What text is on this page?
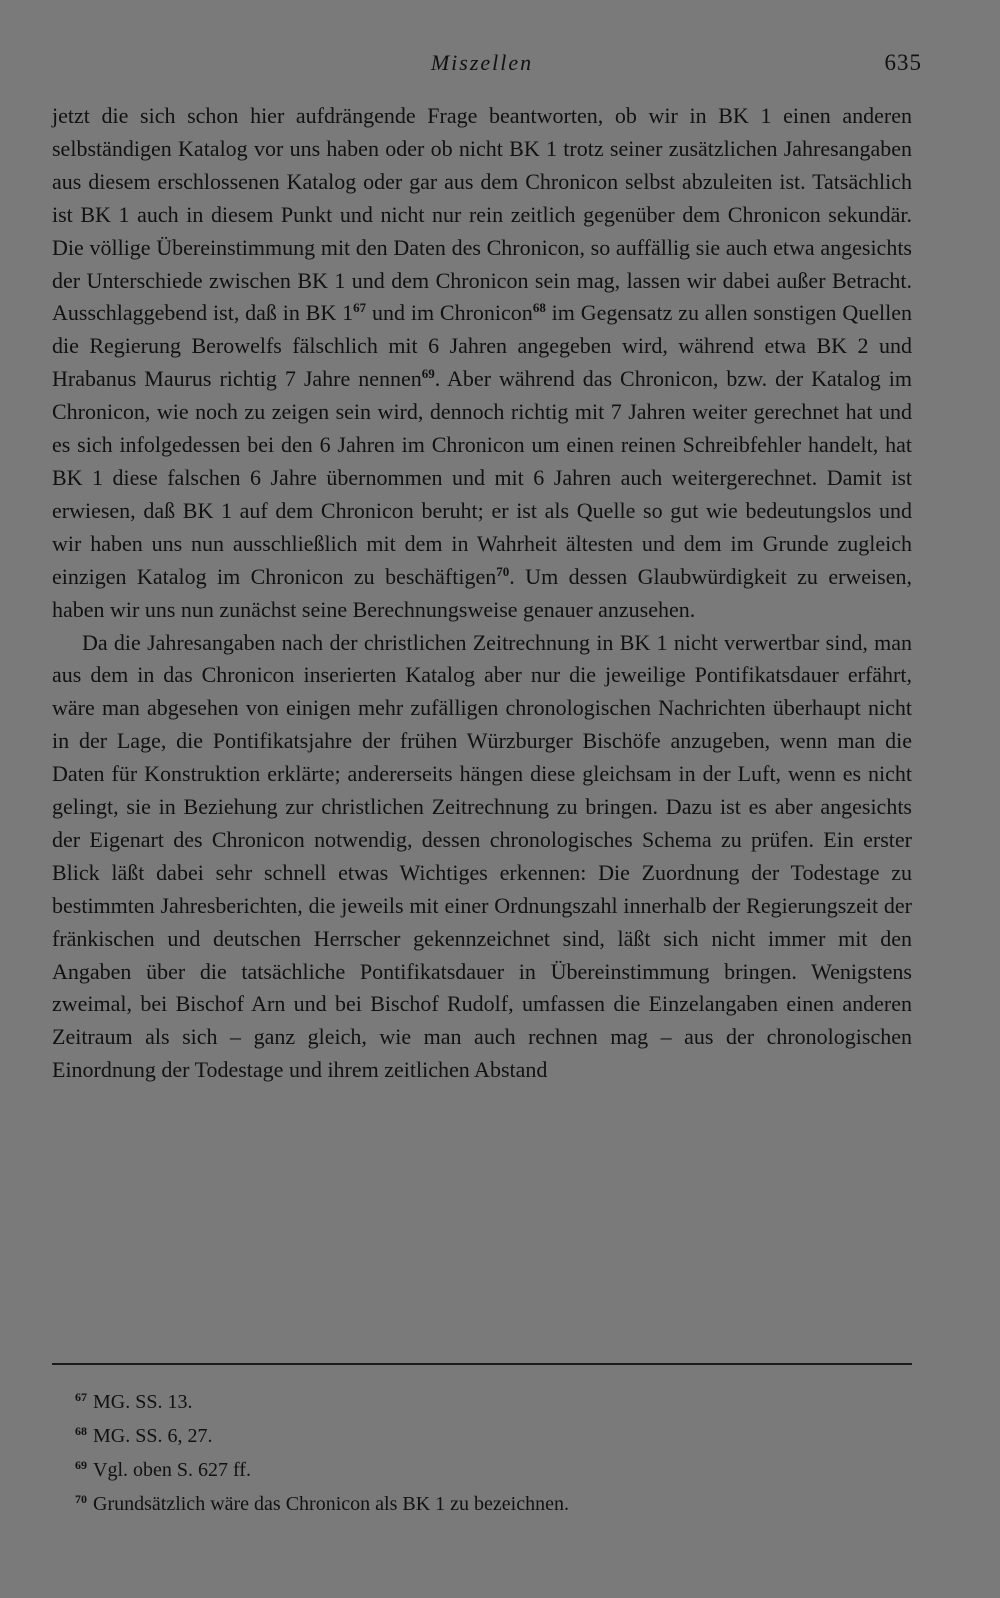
Miszellen	635

jetzt die sich schon hier aufdrängende Frage beantworten, ob wir in BK 1 einen anderen selbständigen Katalog vor uns haben oder ob nicht BK 1 trotz seiner zusätzlichen Jahresangaben aus diesem erschlossenen Katalog oder gar aus dem Chronicon selbst abzuleiten ist. Tatsächlich ist BK 1 auch in diesem Punkt und nicht nur rein zeitlich gegenüber dem Chronicon sekundär. Die völlige Übereinstimmung mit den Daten des Chronicon, so auffällig sie auch etwa angesichts der Unterschiede zwischen BK 1 und dem Chronicon sein mag, lassen wir dabei außer Betracht. Ausschlaggebend ist, daß in BK $1^{67}$ und im Chronicon$^{68}$ im Gegensatz zu allen sonstigen Quellen die Regierung Berowelfs fälschlich mit 6 Jahren angegeben wird, während etwa BK 2 und Hrabanus Maurus richtig 7 Jahre nennen$^{69}$. Aber während das Chronicon, bzw. der Katalog im Chronicon, wie noch zu zeigen sein wird, dennoch richtig mit 7 Jahren weiter gerechnet hat und es sich infolgedessen bei den 6 Jahren im Chronicon um einen reinen Schreibfehler handelt, hat BK 1 diese falschen 6 Jahre übernommen und mit 6 Jahren auch weitergerechnet. Damit ist erwiesen, daß BK 1 auf dem Chronicon beruht; er ist als Quelle so gut wie bedeutungslos und wir haben uns nun ausschließlich mit dem in Wahrheit ältesten und dem im Grunde zugleich einzigen Katalog im Chronicon zu beschäftigen$^{70}$. Um dessen Glaubwürdigkeit zu erweisen, haben wir uns nun zunächst seine Berechnungsweise genauer anzusehen.

Da die Jahresangaben nach der christlichen Zeitrechnung in BK 1 nicht verwertbar sind, man aus dem in das Chronicon inserierten Katalog aber nur die jeweilige Pontifikatsdauer erfährt, wäre man abgesehen von einigen mehr zufälligen chronologischen Nachrichten überhaupt nicht in der Lage, die Pontifikatsjahre der frühen Würzburger Bischöfe anzugeben, wenn man die Daten für Konstruktion erklärte; andererseits hängen diese gleichsam in der Luft, wenn es nicht gelingt, sie in Beziehung zur christlichen Zeitrechnung zu bringen. Dazu ist es aber angesichts der Eigenart des Chronicon notwendig, dessen chronologisches Schema zu prüfen. Ein erster Blick läßt dabei sehr schnell etwas Wichtiges erkennen: Die Zuordnung der Todestage zu bestimmten Jahresberichten, die jeweils mit einer Ordnungszahl innerhalb der Regierungszeit der fränkischen und deutschen Herrscher gekennzeichnet sind, läßt sich nicht immer mit den Angaben über die tatsächliche Pontifikatsdauer in Übereinstimmung bringen. Wenigstens zweimal, bei Bischof Arn und bei Bischof Rudolf, umfassen die Einzelangaben einen anderen Zeitraum als sich – ganz gleich, wie man auch rechnen mag – aus der chronologischen Einordnung der Todestage und ihrem zeitlichen Abstand

$^{67}$ MG. SS. 13.
$^{68}$ MG. SS. 6, 27.
$^{69}$ Vgl. oben S. 627 ff.
$^{70}$ Grundsätzlich wäre das Chronicon als BK 1 zu bezeichnen.
